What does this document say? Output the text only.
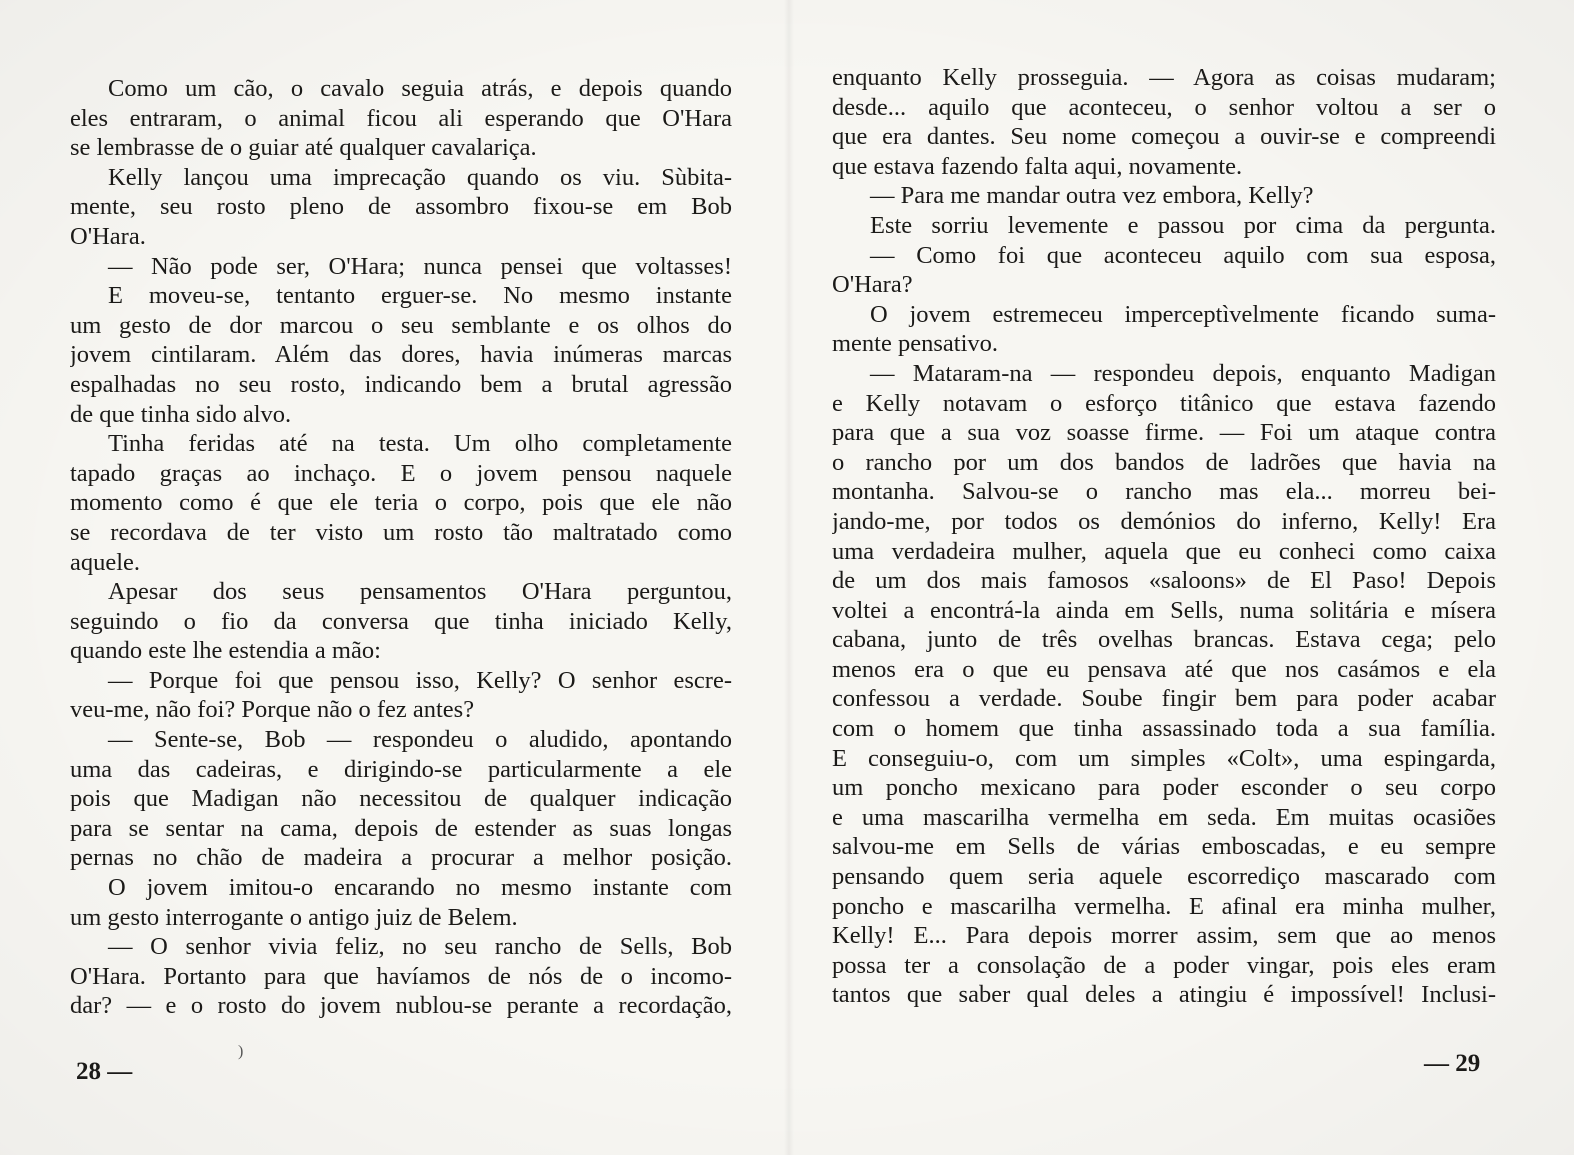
Como um cão, o cavalo seguia atrás, e depois quando
eles entraram, o animal ficou ali esperando que O'Hara
se lembrasse de o guiar até qualquer cavalariça.
Kelly lançou uma imprecação quando os viu. Sùbita-
mente, seu rosto pleno de assombro fixou-se em Bob
O'Hara.
— Não pode ser, O'Hara; nunca pensei que voltasses!
E moveu-se, tentanto erguer-se. No mesmo instante
um gesto de dor marcou o seu semblante e os olhos do
jovem cintilaram. Além das dores, havia inúmeras marcas
espalhadas no seu rosto, indicando bem a brutal agressão
de que tinha sido alvo.
Tinha feridas até na testa. Um olho completamente
tapado graças ao inchaço. E o jovem pensou naquele
momento como é que ele teria o corpo, pois que ele não
se recordava de ter visto um rosto tão maltratado como
aquele.
Apesar dos seus pensamentos O'Hara perguntou,
seguindo o fio da conversa que tinha iniciado Kelly,
quando este lhe estendia a mão:
— Porque foi que pensou isso, Kelly? O senhor escre-
veu-me, não foi? Porque não o fez antes?
— Sente-se, Bob — respondeu o aludido, apontando
uma das cadeiras, e dirigindo-se particularmente a ele
pois que Madigan não necessitou de qualquer indicação
para se sentar na cama, depois de estender as suas longas
pernas no chão de madeira a procurar a melhor posição.
O jovem imitou-o encarando no mesmo instante com
um gesto interrogante o antigo juiz de Belem.
— O senhor vivia feliz, no seu rancho de Sells, Bob
O'Hara. Portanto para que havíamos de nós de o incomo-
dar? — e o rosto do jovem nublou-se perante a recordação,
)
28 —
enquanto Kelly prosseguia. — Agora as coisas mudaram;
desde... aquilo que aconteceu, o senhor voltou a ser o
que era dantes. Seu nome começou a ouvir-se e compreendi
que estava fazendo falta aqui, novamente.
— Para me mandar outra vez embora, Kelly?
Este sorriu levemente e passou por cima da pergunta.
— Como foi que aconteceu aquilo com sua esposa,
O'Hara?
O jovem estremeceu imperceptìvelmente ficando suma-
mente pensativo.
— Mataram-na — respondeu depois, enquanto Madigan
e Kelly notavam o esforço titânico que estava fazendo
para que a sua voz soasse firme. — Foi um ataque contra
o rancho por um dos bandos de ladrões que havia na
montanha. Salvou-se o rancho mas ela... morreu bei-
jando-me, por todos os demónios do inferno, Kelly! Era
uma verdadeira mulher, aquela que eu conheci como caixa
de um dos mais famosos «saloons» de El Paso! Depois
voltei a encontrá-la ainda em Sells, numa solitária e mísera
cabana, junto de três ovelhas brancas. Estava cega; pelo
menos era o que eu pensava até que nos casámos e ela
confessou a verdade. Soube fingir bem para poder acabar
com o homem que tinha assassinado toda a sua família.
E conseguiu-o, com um simples «Colt», uma espingarda,
um poncho mexicano para poder esconder o seu corpo
e uma mascarilha vermelha em seda. Em muitas ocasiões
salvou-me em Sells de várias emboscadas, e eu sempre
pensando quem seria aquele escorrediço mascarado com
poncho e mascarilha vermelha. E afinal era minha mulher,
Kelly! E... Para depois morrer assim, sem que ao menos
possa ter a consolação de a poder vingar, pois eles eram
tantos que saber qual deles a atingiu é impossível! Inclusi-
— 29
